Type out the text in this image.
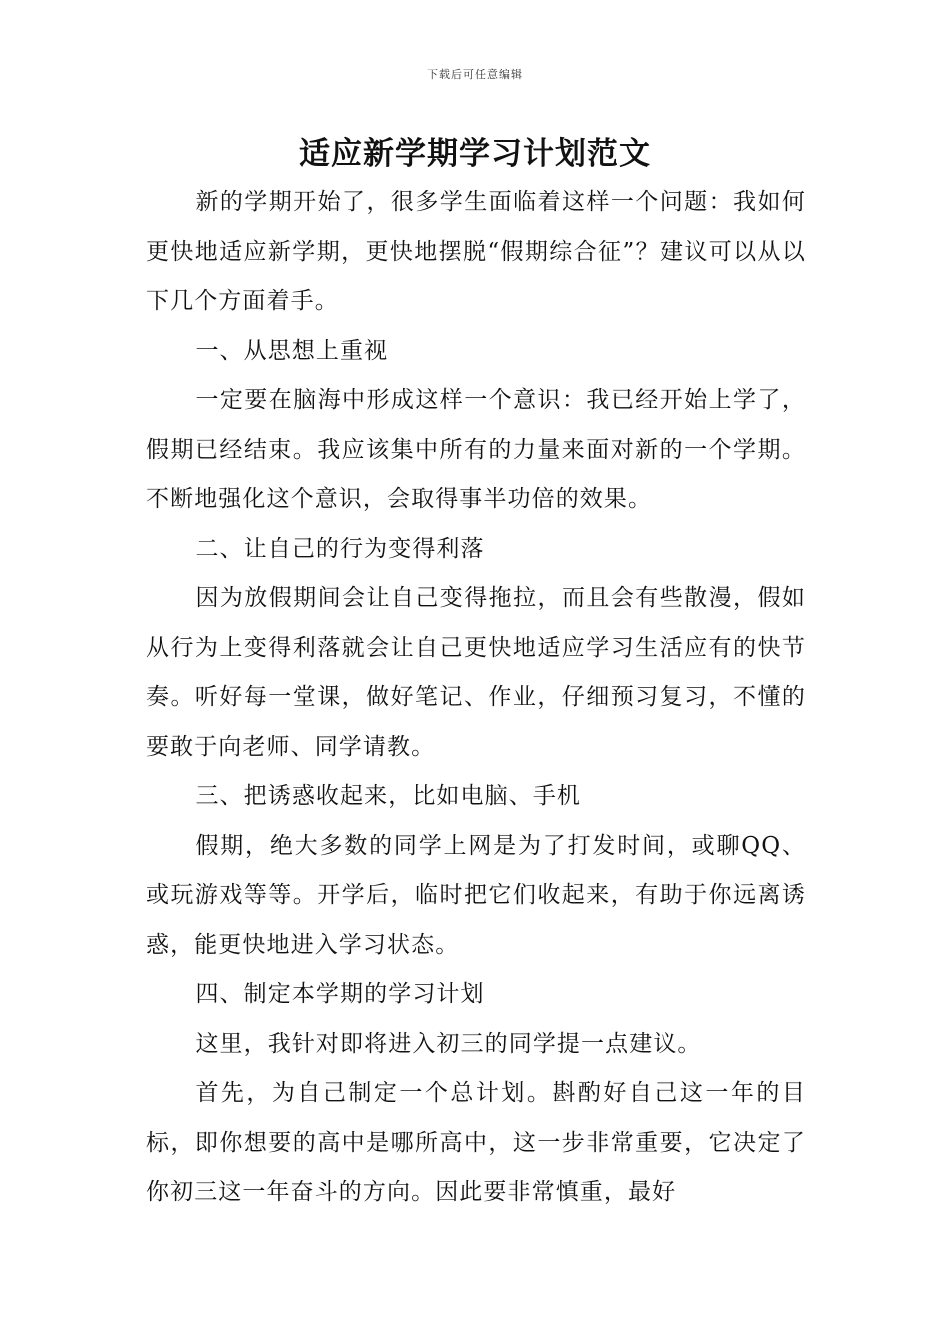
下载后可任意编辑
适应新学期学习计划范文

新的学期开始了，很多学生面临着这样一个问题：我如何更快地适应新学期，更快地摆脱“假期综合征”？建议可以从以下几个方面着手。

一、从思想上重视

一定要在脑海中形成这样一个意识：我已经开始上学了，假期已经结束。我应该集中所有的力量来面对新的一个学期。不断地强化这个意识，会取得事半功倍的效果。

二、让自己的行为变得利落

因为放假期间会让自己变得拖拉，而且会有些散漫，假如从行为上变得利落就会让自己更快地适应学习生活应有的快节奏。听好每一堂课，做好笔记、作业，仔细预习复习，不懂的要敢于向老师、同学请教。

三、把诱惑收起来，比如电脑、手机

假期，绝大多数的同学上网是为了打发时间，或聊QQ、或玩游戏等等。开学后，临时把它们收起来，有助于你远离诱惑，能更快地进入学习状态。

四、制定本学期的学习计划

这里，我针对即将进入初三的同学提一点建议。

首先，为自己制定一个总计划。斟酌好自己这一年的目标，即你想要的高中是哪所高中，这一步非常重要，它决定了你初三这一年奋斗的方向。因此要非常慎重，最好
